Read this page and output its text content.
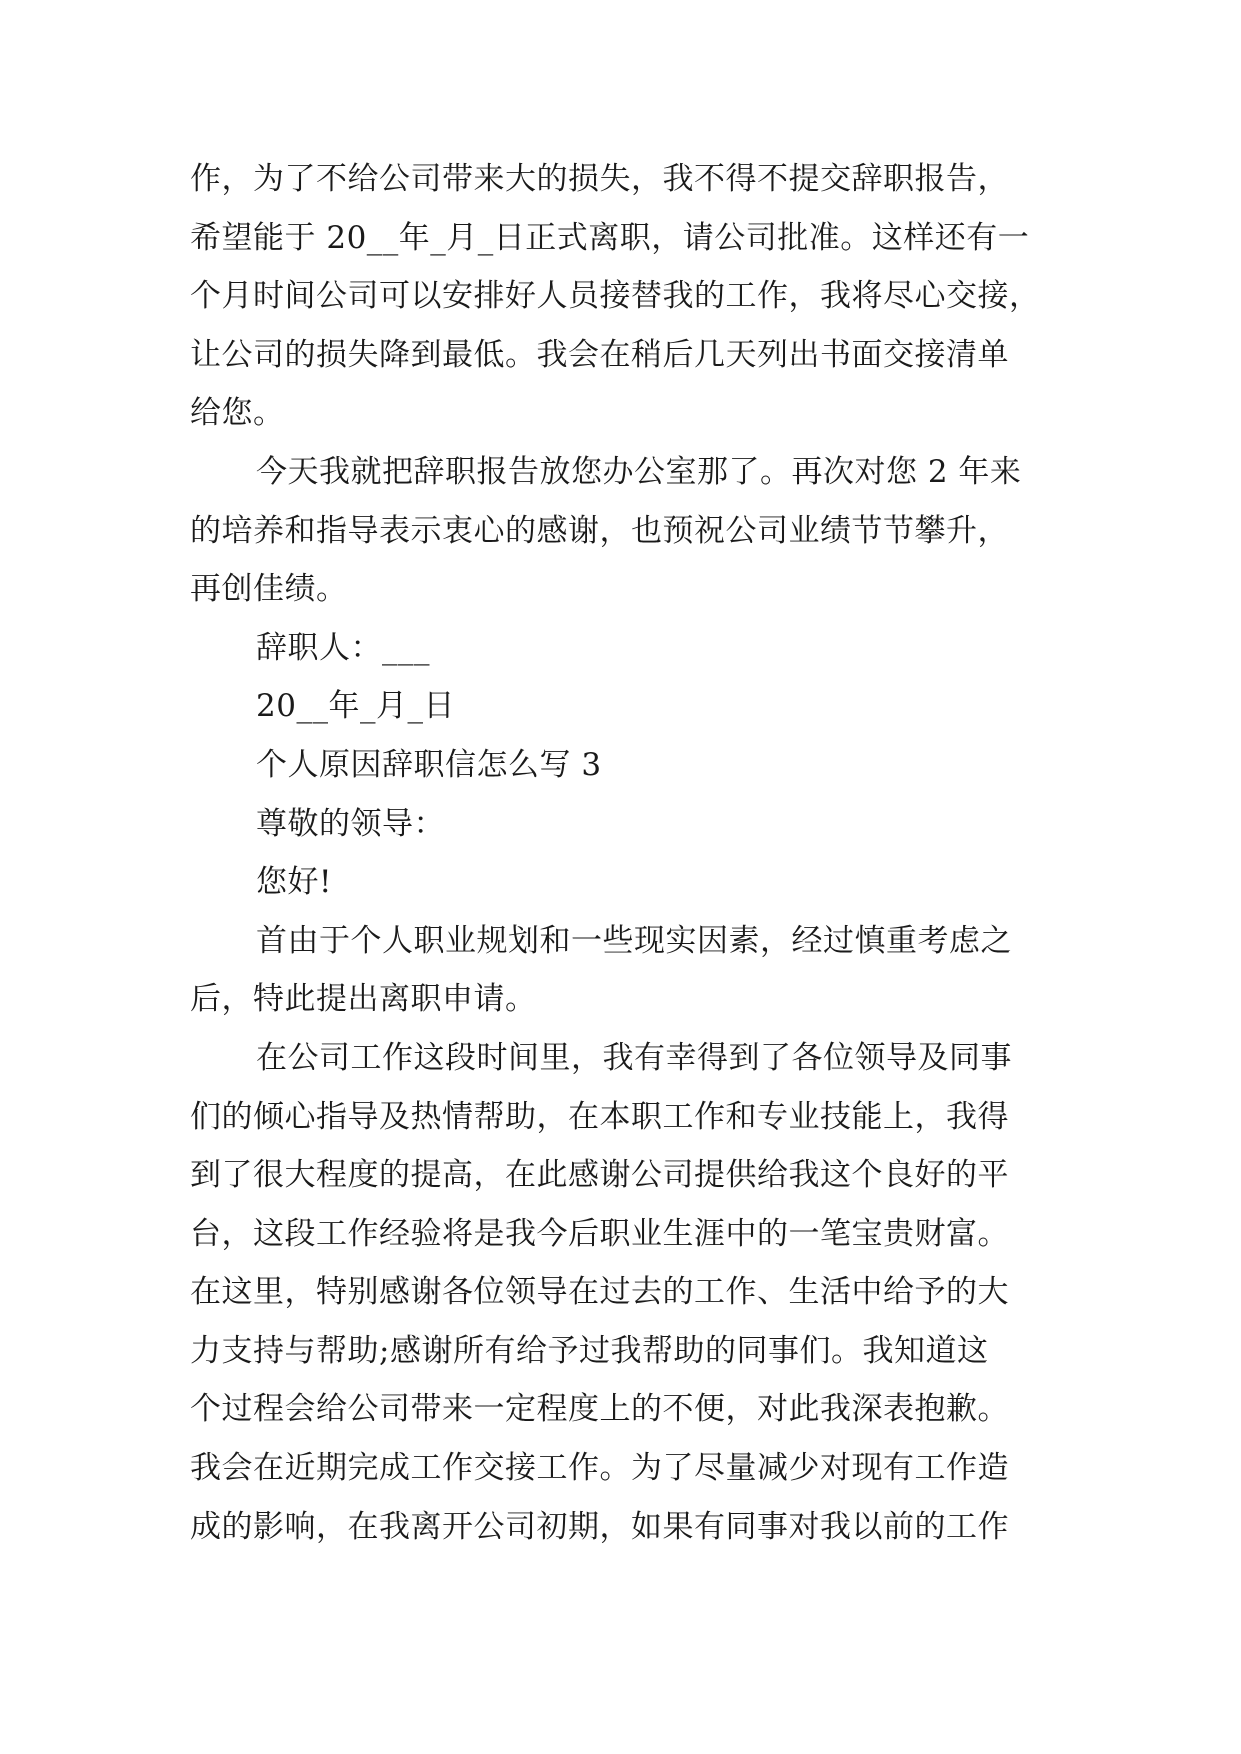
作，为了不给公司带来大的损失，我不得不提交辞职报告，
希望能于 20__年_月_日正式离职，请公司批准。这样还有一
个月时间公司可以安排好人员接替我的工作，我将尽心交接，
让公司的损失降到最低。我会在稍后几天列出书面交接清单
给您。
今天我就把辞职报告放您办公室那了。再次对您 2 年来
的培养和指导表示衷心的感谢，也预祝公司业绩节节攀升，
再创佳绩。
辞职人：___
20__年_月_日
个人原因辞职信怎么写 3
尊敬的领导：
您好!
首由于个人职业规划和一些现实因素，经过慎重考虑之
后，特此提出离职申请。
在公司工作这段时间里，我有幸得到了各位领导及同事
们的倾心指导及热情帮助，在本职工作和专业技能上，我得
到了很大程度的提高，在此感谢公司提供给我这个良好的平
台，这段工作经验将是我今后职业生涯中的一笔宝贵财富。
在这里，特别感谢各位领导在过去的工作、生活中给予的大
力支持与帮助;感谢所有给予过我帮助的同事们。我知道这
个过程会给公司带来一定程度上的不便，对此我深表抱歉。
我会在近期完成工作交接工作。为了尽量减少对现有工作造
成的影响，在我离开公司初期，如果有同事对我以前的工作
